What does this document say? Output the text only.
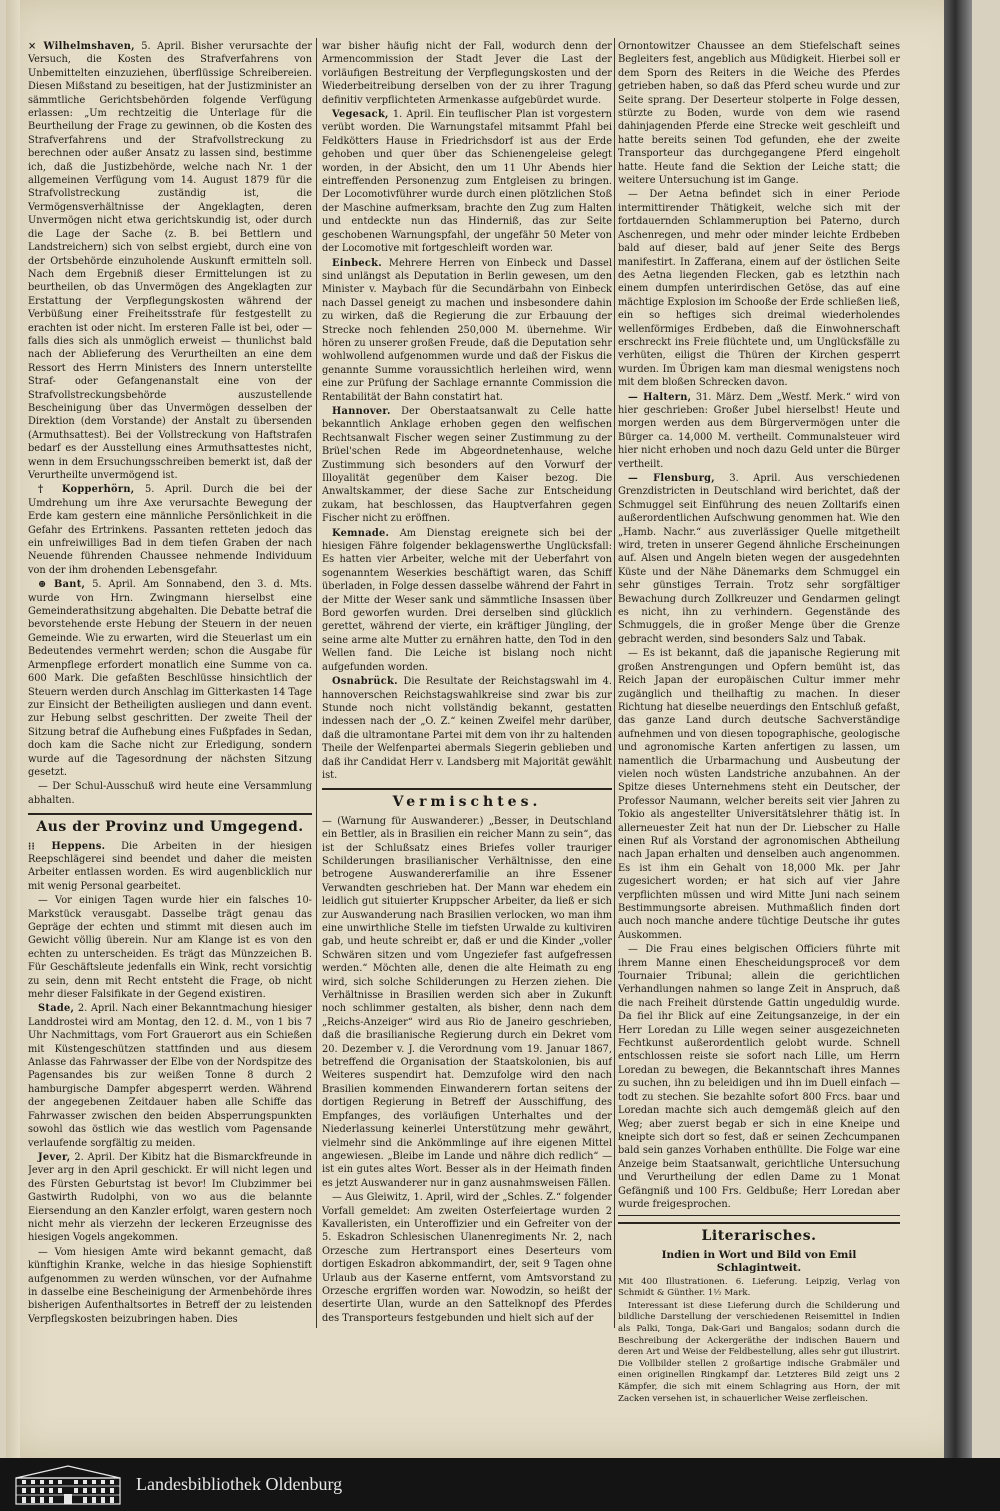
× Wilhelmshaven, 5. April. Bisher verursachte der Versuch, die Kosten des Strafverfahrens von Unbemittelten einzuziehen, überflüssige Schreibereien. Diesen Mißstand zu beseitigen, hat der Justizminister an sämmtliche Gerichtsbehörden folgende Verfügung erlassen: „Um rechtzeitig die Unterlage für die Beurtheilung der Frage zu gewinnen, ob die Kosten des Strafverfahrens und der Strafvollstreckung zu berechnen oder außer Ansatz zu lassen sind, bestimme ich, daß die Justizbehörde, welche nach Nr. 1 der allgemeinen Verfügung vom 14. August 1879 für die Strafvollstreckung zuständig ist, die Vermögensverhältnisse der Angeklagten, deren Unvermögen nicht etwa gerichtskundig ist, oder durch die Lage der Sache (z. B. bei Bettlern und Landstreichern) sich von selbst ergiebt, durch eine von der Ortsbehörde einzuholende Auskunft ermitteln soll. Nach dem Ergebniß dieser Ermittelungen ist zu beurtheilen, ob das Unvermögen des Angeklagten zur Erstattung der Verpflegungskosten während der Verbüßung einer Freiheitsstrafe für festgestellt zu erachten ist oder nicht. Im ersteren Falle ist bei, oder — falls dies sich als unmöglich erweist — thunlichst bald nach der Ablieferung des Verurtheilten an eine dem Ressort des Herrn Ministers des Innern unterstellte Straf- oder Gefangenanstalt eine von der Strafvollstreckungsbehörde auszustellende Bescheinigung über das Unvermögen desselben der Direktion (dem Vorstande) der Anstalt zu übersenden (Armuthsattest). Bei der Vollstreckung von Haftstrafen bedarf es der Ausstellung eines Armuthsattestes nicht, wenn in dem Ersuchungsschreiben bemerkt ist, daß der Verurtheilte unvermögend ist.

† Kopperhörn, 5. April. Durch die bei der Umdrehung um ihre Axe verursachte Bewegung der Erde kam gestern eine männliche Persönlichkeit in die Gefahr des Ertrinkens. Passanten retteten jedoch das ein unfreiwilliges Bad in dem tiefen Graben der nach Neuende führenden Chaussee nehmende Individuum von der ihm drohenden Lebensgefahr.

⊕ Bant, 5. April. Am Sonnabend, den 3. d. Mts. wurde von Hrn. Zwingmann hierselbst eine Gemeinderathsitzung abgehalten. Die Debatte betraf die bevorstehende erste Hebung der Steuern in der neuen Gemeinde. Wie zu erwarten, wird die Steuerlast um ein Bedeutendes vermehrt werden; schon die Ausgabe für Armenpflege erfordert monatlich eine Summe von ca. 600 Mark. Die gefaßten Beschlüsse hinsichtlich der Steuern werden durch Anschlag im Gitterkasten 14 Tage zur Einsicht der Betheiligten ausliegen und dann event. zur Hebung selbst geschritten. Der zweite Theil der Sitzung betraf die Aufhebung eines Fußpfades in Sedan, doch kam die Sache nicht zur Erledigung, sondern wurde auf die Tagesordnung der nächsten Sitzung gesetzt.

— Der Schul-Ausschuß wird heute eine Versammlung abhalten.

Aus der Provinz und Umgegend.

⁞⁞ Heppens. Die Arbeiten in der hiesigen Reepschlägerei sind beendet und daher die meisten Arbeiter entlassen worden. Es wird augenblicklich nur mit wenig Personal gearbeitet.

— Vor einigen Tagen wurde hier ein falsches 10-Markstück verausgabt. Dasselbe trägt genau das Gepräge der echten und stimmt mit diesen auch im Gewicht völlig überein. Nur am Klange ist es von den echten zu unterscheiden. Es trägt das Münzzeichen B. Für Geschäftsleute jedenfalls ein Wink, recht vorsichtig zu sein, denn mit Recht entsteht die Frage, ob nicht mehr dieser Falsifikate in der Gegend existiren.

Stade, 2. April. Nach einer Bekanntmachung hiesiger Landdrostei wird am Montag, den 12. d. M., von 1 bis 7 Uhr Nachmittags, vom Fort Grauerort aus ein Schießen mit Küstengeschützen stattfinden und aus diesem Anlasse das Fahrwasser der Elbe von der Nordspitze des Pagensandes bis zur weißen Tonne 8 durch 2 hamburgische Dampfer abgesperrt werden. Während der angegebenen Zeitdauer haben alle Schiffe das Fahrwasser zwischen den beiden Absperrungspunkten sowohl das östlich wie das westlich vom Pagensande verlaufende sorgfältig zu meiden.

Jever, 2. April. Der Kibitz hat die Bismarckfreunde in Jever arg in den April geschickt. Er will nicht legen und des Fürsten Geburtstag ist bevor! Im Clubzimmer bei Gastwirth Rudolphi, von wo aus die belannte Eiersendung an den Kanzler erfolgt, waren gestern noch nicht mehr als vierzehn der leckeren Erzeugnisse des hiesigen Vogels angekommen.

— Vom hiesigen Amte wird bekannt gemacht, daß künftighin Kranke, welche in das hiesige Sophienstift aufgenommen zu werden wünschen, vor der Aufnahme in dasselbe eine Bescheinigung der Armenbehörde ihres bisherigen Aufenthaltsortes in Betreff der zu leistenden Verpflegskosten beizubringen haben. Dies

war bisher häufig nicht der Fall, wodurch denn der Armencommission der Stadt Jever die Last der vorläufigen Bestreitung der Verpflegungskosten und der Wiederbeitreibung derselben von der zu ihrer Tragung definitiv verpflichteten Armenkasse aufgebürdet wurde.

Vegesack, 1. April. Ein teuflischer Plan ist vorgestern verübt worden. Die Warnungstafel mitsammt Pfahl bei Feldkötters Hause in Friedrichsdorf ist aus der Erde gehoben und quer über das Schienengeleise gelegt worden, in der Absicht, den um 11 Uhr Abends hier eintreffenden Personenzug zum Entgleisen zu bringen. Der Locomotivführer wurde durch einen plötzlichen Stoß der Maschine aufmerksam, brachte den Zug zum Halten und entdeckte nun das Hinderniß, das zur Seite geschobenen Warnungspfahl, der ungefähr 50 Meter von der Locomotive mit fortgeschleift worden war.

Einbeck. Mehrere Herren von Einbeck und Dassel sind unlängst als Deputation in Berlin gewesen, um den Minister v. Maybach für die Secundärbahn von Einbeck nach Dassel geneigt zu machen und insbesondere dahin zu wirken, daß die Regierung die zur Erbauung der Strecke noch fehlenden 250,000 M. übernehme. Wir hören zu unserer großen Freude, daß die Deputation sehr wohlwollend aufgenommen wurde und daß der Fiskus die genannte Summe voraussichtlich herleihen wird, wenn eine zur Prüfung der Sachlage ernannte Commission die Rentabilität der Bahn constatirt hat.

Hannover. Der Oberstaatsanwalt zu Celle hatte bekanntlich Anklage erhoben gegen den welfischen Rechtsanwalt Fischer wegen seiner Zustimmung zu der Brüel'schen Rede im Abgeordnetenhause, welche Zustimmung sich besonders auf den Vorwurf der Illoyalität gegenüber dem Kaiser bezog. Die Anwaltskammer, der diese Sache zur Entscheidung zukam, hat beschlossen, das Hauptverfahren gegen Fischer nicht zu eröffnen.

Kemnade. Am Dienstag ereignete sich bei der hiesigen Fähre folgender beklagenswerthe Unglücksfall: Es hatten vier Arbeiter, welche mit der Ueberfahrt von sogenanntem Weserkies beschäftigt waren, das Schiff überladen, in Folge dessen dasselbe während der Fahrt in der Mitte der Weser sank und sämmtliche Insassen über Bord geworfen wurden. Drei derselben sind glücklich gerettet, während der vierte, ein kräftiger Jüngling, der seine arme alte Mutter zu ernähren hatte, den Tod in den Wellen fand. Die Leiche ist bislang noch nicht aufgefunden worden.

Osnabrück. Die Resultate der Reichstagswahl im 4. hannoverschen Reichstagswahlkreise sind zwar bis zur Stunde noch nicht vollständig bekannt, gestatten indessen nach der „O. Z.“ keinen Zweifel mehr darüber, daß die ultramontane Partei mit dem von ihr zu haltenden Theile der Welfenpartei abermals Siegerin geblieben und daß ihr Candidat Herr v. Landsberg mit Majorität gewählt ist.

Vermischtes.

— (Warnung für Auswanderer.) „Besser, in Deutschland ein Bettler, als in Brasilien ein reicher Mann zu sein“, das ist der Schlußsatz eines Briefes voller trauriger Schilderungen brasilianischer Verhältnisse, den eine betrogene Auswandererfamilie an ihre Essener Verwandten geschrieben hat. Der Mann war ehedem ein leidlich gut situierter Kruppscher Arbeiter, da ließ er sich zur Auswanderung nach Brasilien verlocken, wo man ihm eine unwirthliche Stelle im tiefsten Urwalde zu kultiviren gab, und heute schreibt er, daß er und die Kinder „voller Schwären sitzen und vom Ungeziefer fast aufgefressen werden.“ Möchten alle, denen die alte Heimath zu eng wird, sich solche Schilderungen zu Herzen ziehen. Die Verhältnisse in Brasilien werden sich aber in Zukunft noch schlimmer gestalten, als bisher, denn nach dem „Reichs-Anzeiger“ wird aus Rio de Janeiro geschrieben, daß die brasilianische Regierung durch ein Dekret vom 20. Dezember v. J. die Verordnung vom 19. Januar 1867, betreffend die Organisation der Staatskolonien, bis auf Weiteres suspendirt hat. Demzufolge wird den nach Brasilien kommenden Einwanderern fortan seitens der dortigen Regierung in Betreff der Ausschiffung, des Empfanges, des vorläufigen Unterhaltes und der Niederlassung keinerlei Unterstützung mehr gewährt, vielmehr sind die Ankömmlinge auf ihre eigenen Mittel angewiesen. „Bleibe im Lande und nähre dich redlich“ — ist ein gutes altes Wort. Besser als in der Heimath finden es jetzt Auswanderer nur in ganz ausnahmsweisen Fällen.

— Aus Gleiwitz, 1. April, wird der „Schles. Z.“ folgender Vorfall gemeldet: Am zweiten Osterfeiertage wurden 2 Kavalleristen, ein Unteroffizier und ein Gefreiter von der 5. Eskadron Schlesischen Ulanenregiments Nr. 2, nach Orzesche zum Hertransport eines Deserteurs vom dortigen Eskadron abkommandirt, der, seit 9 Tagen ohne Urlaub aus der Kaserne entfernt, vom Amtsvorstand zu Orzesche ergriffen worden war. Nowodzin, so heißt der desertirte Ulan, wurde an den Sattelknopf des Pferdes des Transporteurs festgebunden und hielt sich auf der

Ornontowitzer Chaussee an dem Stiefelschaft seines Begleiters fest, angeblich aus Müdigkeit. Hierbei soll er dem Sporn des Reiters in die Weiche des Pferdes getrieben haben, so daß das Pferd scheu wurde und zur Seite sprang. Der Deserteur stolperte in Folge dessen, stürzte zu Boden, wurde von dem wie rasend dahinjagenden Pferde eine Strecke weit geschleift und hatte bereits seinen Tod gefunden, ehe der zweite Transporteur das durchgegangene Pferd eingeholt hatte. Heute fand die Sektion der Leiche statt; die weitere Untersuchung ist im Gange.

— Der Aetna befindet sich in einer Periode intermittirender Thätigkeit, welche sich mit der fortdauernden Schlammeruption bei Paterno, durch Aschenregen, und mehr oder minder leichte Erdbeben bald auf dieser, bald auf jener Seite des Bergs manifestirt. In Zafferana, einem auf der östlichen Seite des Aetna liegenden Flecken, gab es letzthin nach einem dumpfen unterirdischen Getöse, das auf eine mächtige Explosion im Schooße der Erde schließen ließ, ein so heftiges sich dreimal wiederholendes wellenförmiges Erdbeben, daß die Einwohnerschaft erschreckt ins Freie flüchtete und, um Unglücksfälle zu verhüten, eiligst die Thüren der Kirchen gesperrt wurden. Im Übrigen kam man diesmal wenigstens noch mit dem bloßen Schrecken davon.

— Haltern, 31. März. Dem „Westf. Merk.“ wird von hier geschrieben: Großer Jubel hierselbst! Heute und morgen werden aus dem Bürgervermögen unter die Bürger ca. 14,000 M. vertheilt. Communalsteuer wird hier nicht erhoben und noch dazu Geld unter die Bürger vertheilt.

— Flensburg, 3. April. Aus verschiedenen Grenzdistricten in Deutschland wird berichtet, daß der Schmuggel seit Einführung des neuen Zolltarifs einen außerordentlichen Aufschwung genommen hat. Wie den „Hamb. Nachr.“ aus zuverlässiger Quelle mitgetheilt wird, treten in unserer Gegend ähnliche Erscheinungen auf. Alsen und Angeln bieten wegen der ausgedehnten Küste und der Nähe Dänemarks dem Schmuggel ein sehr günstiges Terrain. Trotz sehr sorgfältiger Bewachung durch Zollkreuzer und Gendarmen gelingt es nicht, ihn zu verhindern. Gegenstände des Schmuggels, die in großer Menge über die Grenze gebracht werden, sind besonders Salz und Tabak.

— Es ist bekannt, daß die japanische Regierung mit großen Anstrengungen und Opfern bemüht ist, das Reich Japan der europäischen Cultur immer mehr zugänglich und theilhaftig zu machen. In dieser Richtung hat dieselbe neuerdings den Entschluß gefaßt, das ganze Land durch deutsche Sachverständige aufnehmen und von diesen topographische, geologische und agronomische Karten anfertigen zu lassen, um namentlich die Urbarmachung und Ausbeutung der vielen noch wüsten Landstriche anzubahnen. An der Spitze dieses Unternehmens steht ein Deutscher, der Professor Naumann, welcher bereits seit vier Jahren zu Tokio als angestellter Universitätslehrer thätig ist. In allerneuester Zeit hat nun der Dr. Liebscher zu Halle einen Ruf als Vorstand der agronomischen Abtheilung nach Japan erhalten und denselben auch angenommen. Es ist ihm ein Gehalt von 18,000 Mk. per Jahr zugesichert worden; er hat sich auf vier Jahre verpflichten müssen und wird Mitte Juni nach seinem Bestimmungsorte abreisen. Muthmaßlich finden dort auch noch manche andere tüchtige Deutsche ihr gutes Auskommen.

— Die Frau eines belgischen Officiers führte mit ihrem Manne einen Ehescheidungsproceß vor dem Tournaier Tribunal; allein die gerichtlichen Verhandlungen nahmen so lange Zeit in Anspruch, daß die nach Freiheit dürstende Gattin ungeduldig wurde. Da fiel ihr Blick auf eine Zeitungsanzeige, in der ein Herr Loredan zu Lille wegen seiner ausgezeichneten Fechtkunst außerordentlich gelobt wurde. Schnell entschlossen reiste sie sofort nach Lille, um Herrn Loredan zu bewegen, die Bekanntschaft ihres Mannes zu suchen, ihn zu beleidigen und ihn im Duell einfach — todt zu stechen. Sie bezahlte sofort 800 Frcs. baar und Loredan machte sich auch demgemäß gleich auf den Weg; aber zuerst begab er sich in eine Kneipe und kneipte sich dort so fest, daß er seinen Zechcumpanen bald sein ganzes Vorhaben enthüllte. Die Folge war eine Anzeige beim Staatsanwalt, gerichtliche Untersuchung und Verurtheilung der edlen Dame zu 1 Monat Gefängniß und 100 Frs. Geldbuße; Herr Loredan aber wurde freigesprochen.

Literarisches.
Indien in Wort und Bild von Emil Schlagintweit.

Mit 400 Illustrationen. 6. Lieferung. Leipzig, Verlag von Schmidt & Günther. 1½ Mark.

Interessant ist diese Lieferung durch die Schilderung und bildliche Darstellung der verschiedenen Reisemittel in Indien als Palki, Tonga, Dak-Gari und Bangalos; sodann durch die Beschreibung der Ackergeräthe der indischen Bauern und deren Art und Weise der Feldbestellung, alles sehr gut illustrirt. Die Vollbilder stellen 2 großartige indische Grabmäler und einen originellen Ringkampf dar. Letzteres Bild zeigt uns 2 Kämpfer, die sich mit einem Schlagring aus Horn, der mit Zacken versehen ist, in schauerlicher Weise zerfleischen.

Landesbibliothek Oldenburg
